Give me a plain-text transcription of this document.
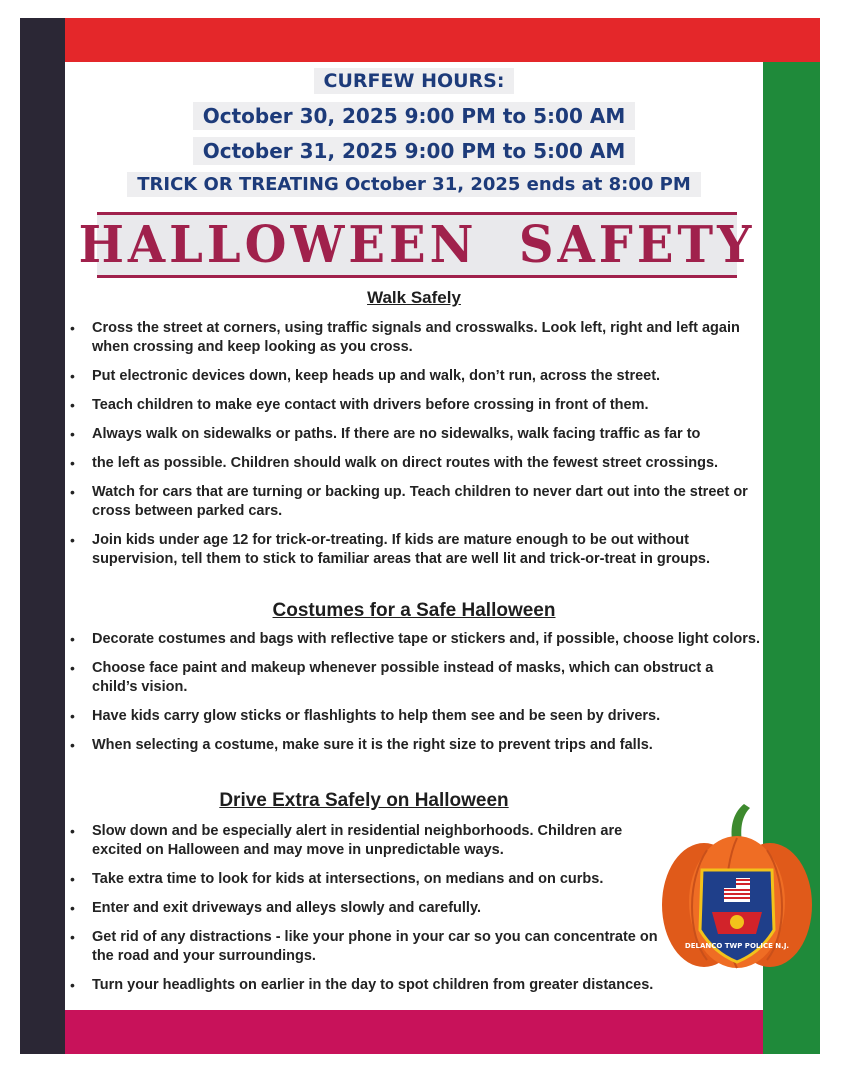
CURFEW HOURS:
October 30, 2025 9:00 PM to 5:00 AM
October 31, 2025 9:00 PM to 5:00 AM
TRICK OR TREATING October 31, 2025 ends at 8:00 PM
HALLOWEEN  SAFETY
Walk Safely
• Cross the street at corners, using traffic signals and crosswalks. Look left, right and left again when crossing and keep looking as you cross.
• Put electronic devices down, keep heads up and walk, don’t run, across the street.
• Teach children to make eye contact with drivers before crossing in front of them.
• Always walk on sidewalks or paths. If there are no sidewalks, walk facing traffic as far to
• the left as possible. Children should walk on direct routes with the fewest street crossings.
• Watch for cars that are turning or backing up. Teach children to never dart out into the street or cross between parked cars.
• Join kids under age 12 for trick-or-treating. If kids are mature enough to be out without supervision, tell them to stick to familiar areas that are well lit and trick-or-treat in groups.
Costumes for a Safe Halloween
• Decorate costumes and bags with reflective tape or stickers and, if possible, choose light colors.
• Choose face paint and makeup whenever possible instead of masks, which can obstruct a child’s vision.
• Have kids carry glow sticks or flashlights to help them see and be seen by drivers.
• When selecting a costume, make sure it is the right size to prevent trips and falls.
Drive Extra Safely on Halloween
• Slow down and be especially alert in residential neighborhoods. Children are excited on Halloween and may move in unpredictable ways.
• Take extra time to look for kids at intersections, on medians and on curbs.
• Enter and exit driveways and alleys slowly and carefully.
• Get rid of any distractions - like your phone in your car so you can concentrate on the road and your surroundings.
• Turn your headlights on earlier in the day to spot children from greater distances.
DELANCO TWP POLICE N.J.
